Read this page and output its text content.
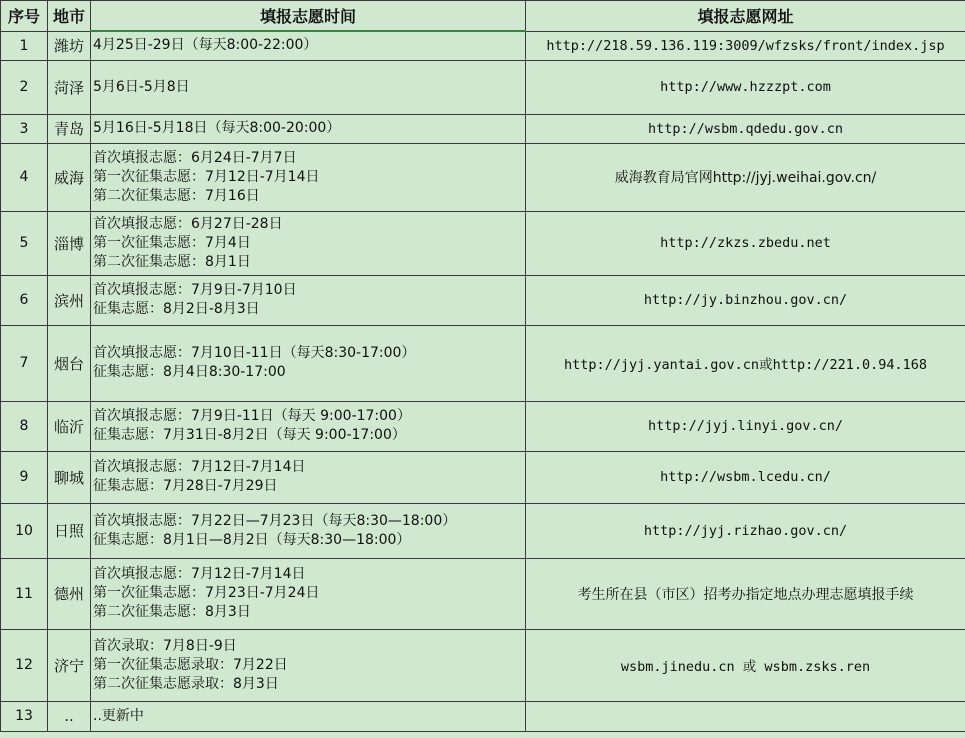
序号	地市	填报志愿时间	填报志愿网址
1	潍坊	4月25日-29日（每天8:00-22:00）	http://218.59.136.119:3009/wfzsks/front/index.jsp
2	菏泽	5月6日-5月8日	http://www.hzzzpt.com
3	青岛	5月16日-5月18日（每天8:00-20:00）	http://wsbm.qdedu.gov.cn
4	威海	首次填报志愿：6月24日-7月7日
第一次征集志愿：7月12日-7月14日
第二次征集志愿：7月16日	威海教育局官网http://jyj.weihai.gov.cn/
5	淄博	首次填报志愿：6月27日-28日
第一次征集志愿：7月4日
第二次征集志愿：8月1日	http://zkzs.zbedu.net
6	滨州	首次填报志愿：7月9日-7月10日
征集志愿：8月2日-8月3日	http://jy.binzhou.gov.cn/
7	烟台	首次填报志愿：7月10日-11日（每天8:30-17:00）
征集志愿：8月4日8:30-17:00	http://jyj.yantai.gov.cn或http://221.0.94.168
8	临沂	首次填报志愿：7月9日-11日（每天 9:00-17:00）
征集志愿：7月31日-8月2日（每天 9:00-17:00）	http://jyj.linyi.gov.cn/
9	聊城	首次填报志愿：7月12日-7月14日
征集志愿：7月28日-7月29日	http://wsbm.lcedu.cn/
10	日照	首次填报志愿：7月22日—7月23日（每天8:30—18:00）
征集志愿：8月1日—8月2日（每天8:30—18:00）	http://jyj.rizhao.gov.cn/
11	德州	首次填报志愿：7月12日-7月14日
第一次征集志愿：7月23日-7月24日
第二次征集志愿：8月3日	考生所在县（市区）招考办指定地点办理志愿填报手续
12	济宁	首次录取：7月8日-9日
第一次征集志愿录取：7月22日
第二次征集志愿录取：8月3日	wsbm.jinedu.cn 或 wsbm.zsks.ren
13	..	..更新中	
